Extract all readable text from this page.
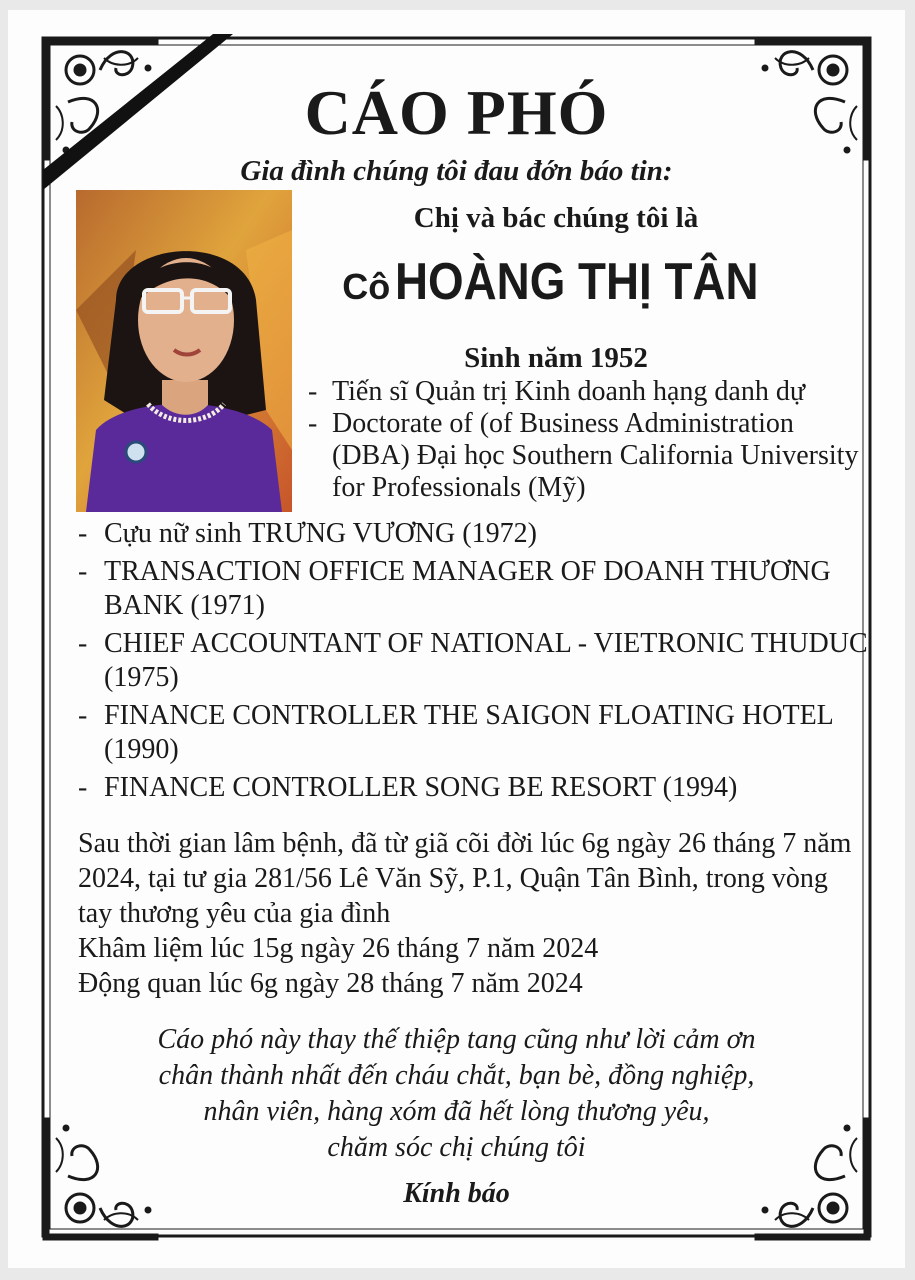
CÁO PHÓ
Gia đình chúng tôi đau đớn báo tin:
Chị và bác chúng tôi là
Cô HOÀNG THỊ TÂN
Sinh năm 1952
- Tiến sĩ Quản trị Kinh doanh hạng danh dự
- Doctorate of (of Business Administration (DBA) Đại học Southern California University for Professionals (Mỹ)
- Cựu nữ sinh TRƯNG VƯƠNG (1972)
- TRANSACTION OFFICE MANAGER OF DOANH THƯƠNG BANK (1971)
- CHIEF ACCOUNTANT OF NATIONAL - VIETRONIC THUDUC (1975)
- FINANCE CONTROLLER THE SAIGON FLOATING HOTEL (1990)
- FINANCE CONTROLLER SONG BE RESORT (1994)

Sau thời gian lâm bệnh, đã từ giã cõi đời lúc 6g ngày 26 tháng 7 năm 2024, tại tư gia 281/56 Lê Văn Sỹ, P.1, Quận Tân Bình, trong vòng tay thương yêu của gia đình

Khâm liệm lúc 15g ngày 26 tháng 7 năm 2024

Động quan lúc 6g ngày 28 tháng 7 năm 2024

Cáo phó này thay thế thiệp tang cũng như lời cảm ơn

chân thành nhất đến cháu chắt, bạn bè, đồng nghiệp,

nhân viên, hàng xóm đã hết lòng thương yêu,

chăm sóc chị chúng tôi

Kính báo
